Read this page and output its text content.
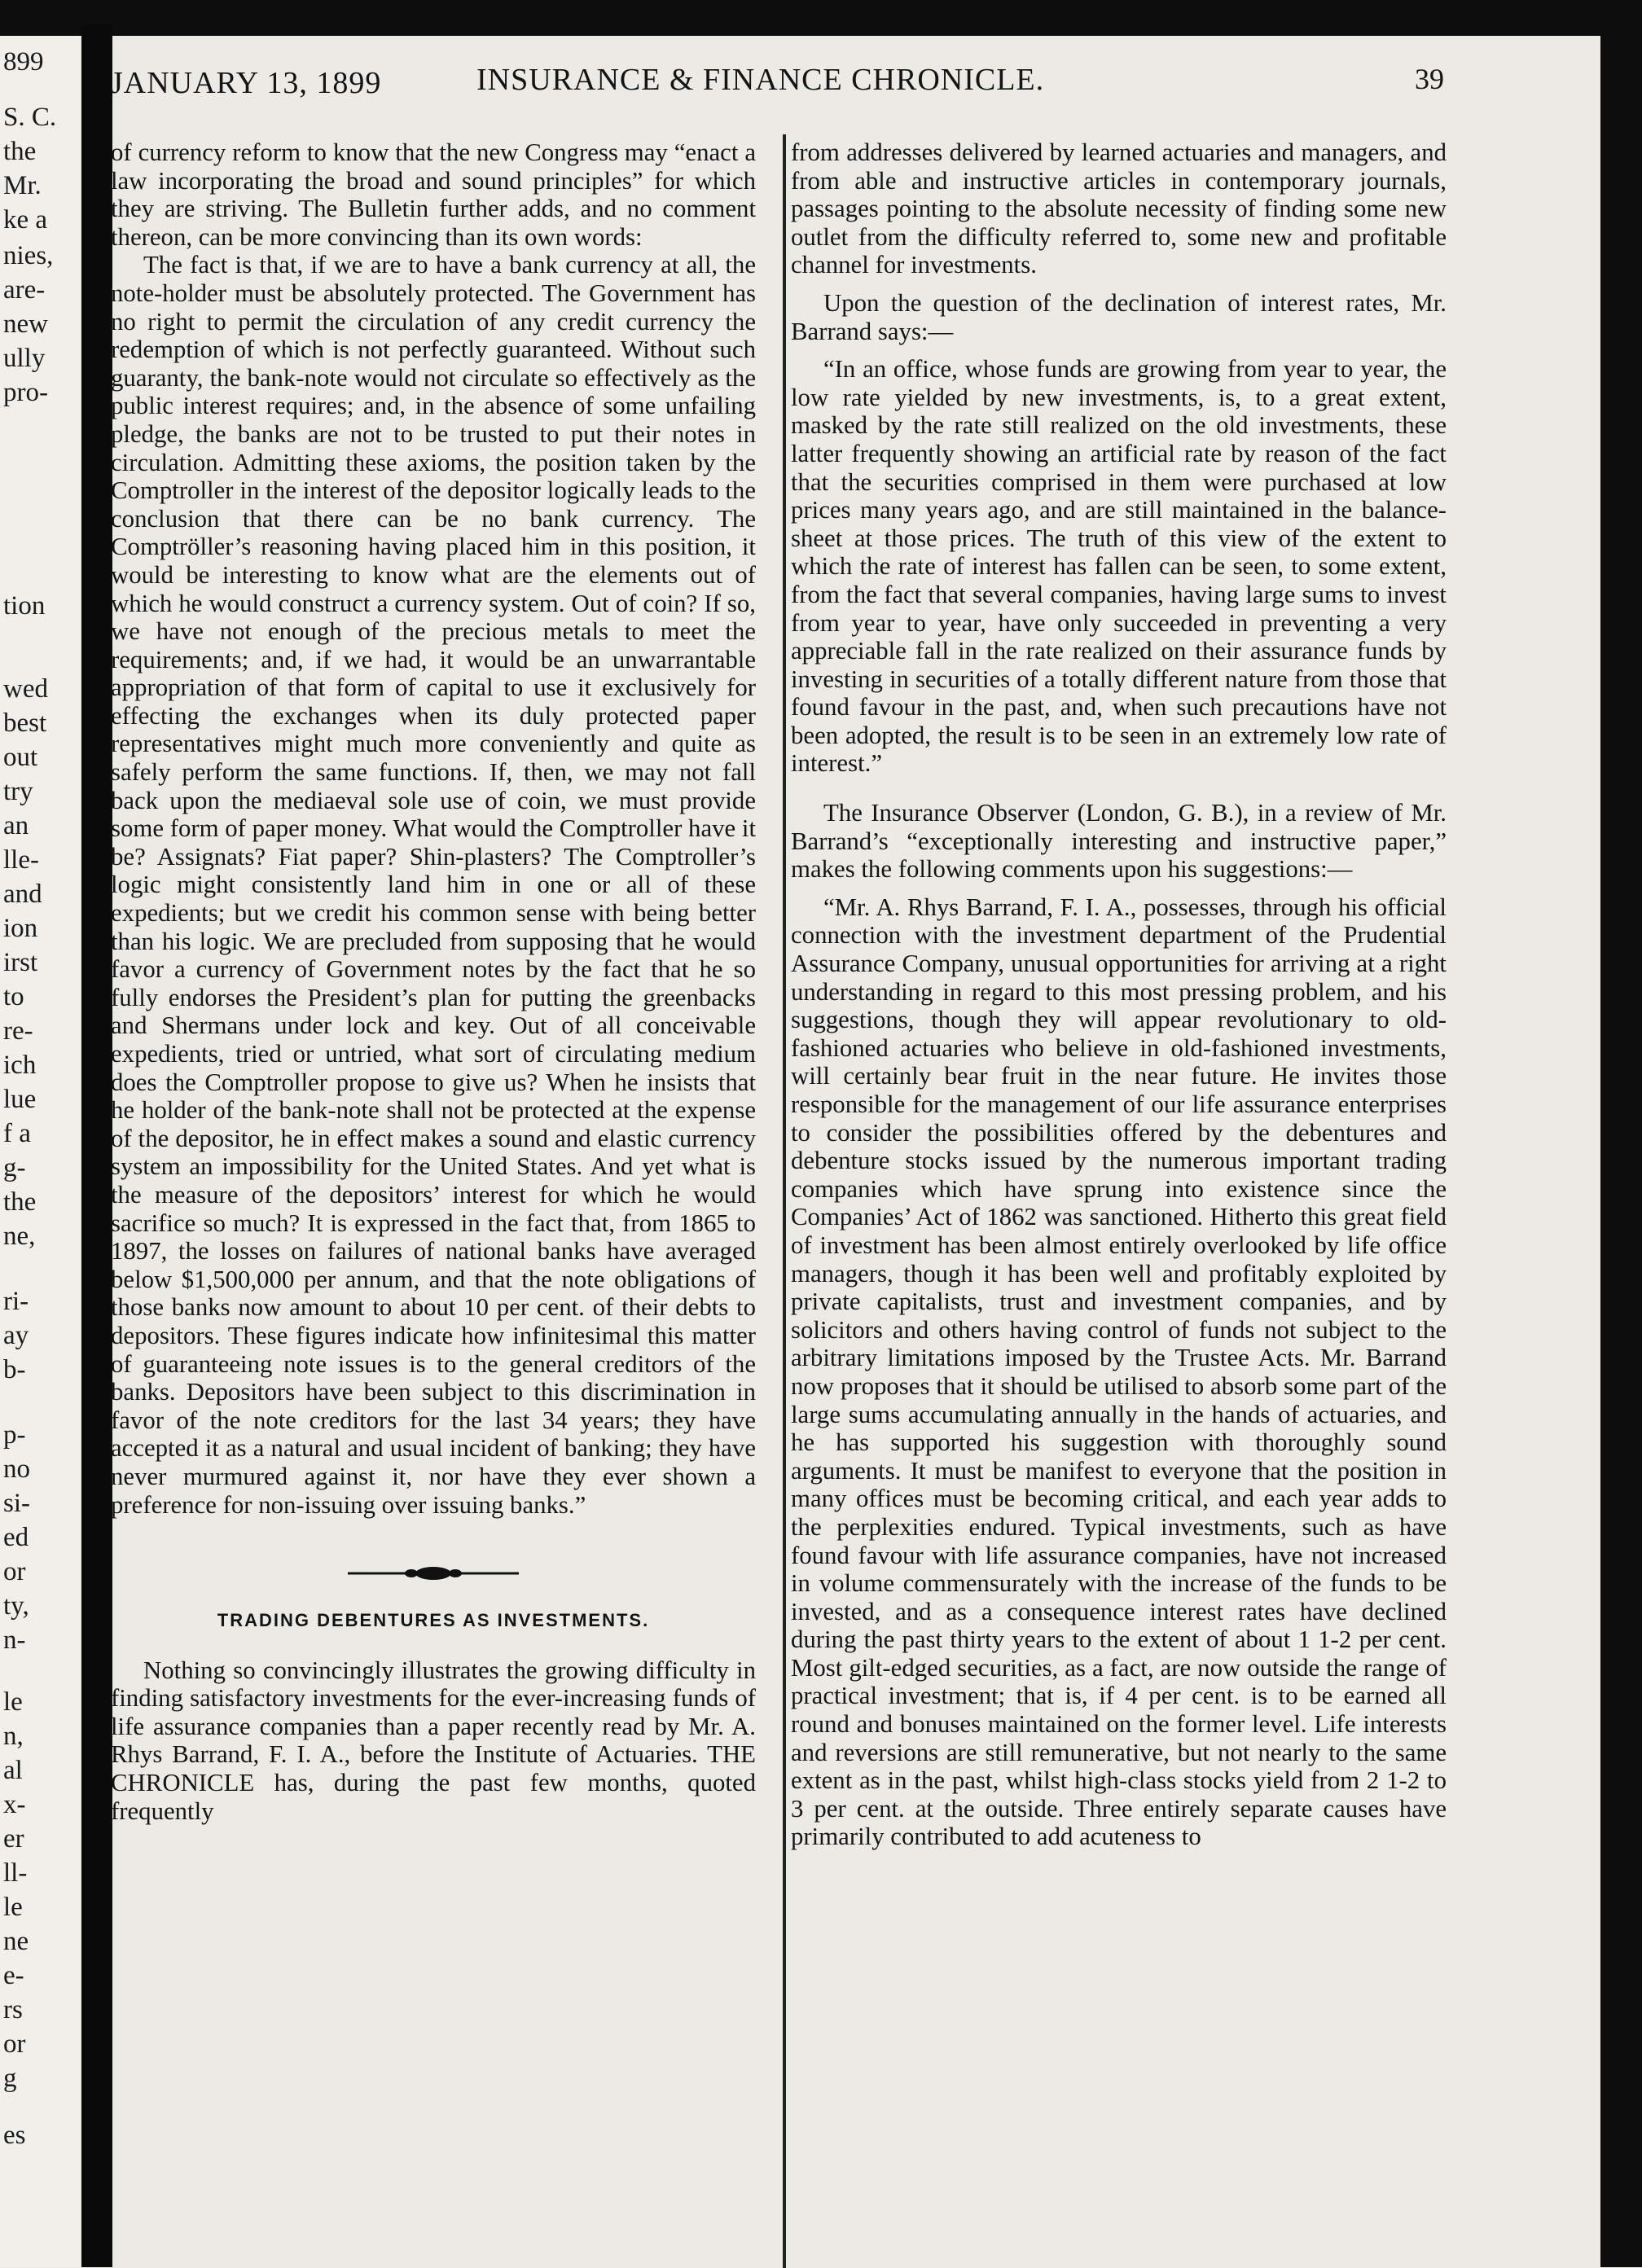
899
S. C.
the
Mr.
ke a
nies,
are-
new
ully
pro-
tion
wed
best
out
try
an
lle-
and
ion
irst
to
re-
ich
lue
f a
g-
the
ne,
ri-
ay
b-
p-
no
si-
ed
or
ty,
n-
le
n,
al
x-
er
ll-
le
ne
e-
rs
or
g
es
JANUARY 13, 1899	INSURANCE & FINANCE CHRONICLE.	39

of currency reform to know that the new Congress may “enact a law incorporating the broad and sound principles” for which they are striving. The Bulletin further adds, and no comment thereon, can be more convincing than its own words:

The fact is that, if we are to have a bank currency at all, the note-holder must be absolutely protected. The Government has no right to permit the circulation of any credit currency the redemption of which is not perfectly guaranteed. Without such guaranty, the bank-note would not circulate so effectively as the public interest requires; and, in the absence of some unfailing pledge, the banks are not to be trusted to put their notes in circulation. Admitting these axioms, the position taken by the Comptroller in the interest of the depositor logically leads to the conclusion that there can be no bank currency. The Comptröller’s reasoning having placed him in this position, it would be interesting to know what are the elements out of which he would construct a currency system. Out of coin? If so, we have not enough of the precious metals to meet the requirements; and, if we had, it would be an unwarrantable appropriation of that form of capital to use it exclusively for effecting the exchanges when its duly protected paper representatives might much more conveniently and quite as safely perform the same functions. If, then, we may not fall back upon the mediaeval sole use of coin, we must provide some form of paper money. What would the Comptroller have it be? Assignats? Fiat paper? Shin-plasters? The Comptroller’s logic might consistently land him in one or all of these expedients; but we credit his common sense with being better than his logic. We are precluded from supposing that he would favor a currency of Government notes by the fact that he so fully endorses the President’s plan for putting the greenbacks and Shermans under lock and key. Out of all conceivable expedients, tried or untried, what sort of circulating medium does the Comptroller propose to give us? When he insists that he holder of the bank-note shall not be protected at the expense of the depositor, he in effect makes a sound and elastic currency system an impossibility for the United States. And yet what is the measure of the depositors’ interest for which he would sacrifice so much? It is expressed in the fact that, from 1865 to 1897, the losses on failures of national banks have averaged below $1,500,000 per annum, and that the note obligations of those banks now amount to about 10 per cent. of their debts to depositors. These figures indicate how infinitesimal this matter of guaranteeing note issues is to the general creditors of the banks. Depositors have been subject to this discrimination in favor of the note creditors for the last 34 years; they have accepted it as a natural and usual incident of banking; they have never murmured against it, nor have they ever shown a preference for non-issuing over issuing banks.”

TRADING DEBENTURES AS INVESTMENTS.

Nothing so convincingly illustrates the growing difficulty in finding satisfactory investments for the ever-increasing funds of life assurance companies than a paper recently read by Mr. A. Rhys Barrand, F. I. A., before the Institute of Actuaries. THE CHRONICLE has, during the past few months, quoted frequently

from addresses delivered by learned actuaries and managers, and from able and instructive articles in contemporary journals, passages pointing to the absolute necessity of finding some new outlet from the difficulty referred to, some new and profitable channel for investments.

Upon the question of the declination of interest rates, Mr. Barrand says:—

“In an office, whose funds are growing from year to year, the low rate yielded by new investments, is, to a great extent, masked by the rate still realized on the old investments, these latter frequently showing an artificial rate by reason of the fact that the securities comprised in them were purchased at low prices many years ago, and are still maintained in the balance-sheet at those prices. The truth of this view of the extent to which the rate of interest has fallen can be seen, to some extent, from the fact that several companies, having large sums to invest from year to year, have only succeeded in preventing a very appreciable fall in the rate realized on their assurance funds by investing in securities of a totally different nature from those that found favour in the past, and, when such precautions have not been adopted, the result is to be seen in an extremely low rate of interest.”

The Insurance Observer (London, G. B.), in a review of Mr. Barrand’s “exceptionally interesting and instructive paper,” makes the following comments upon his suggestions:—

“Mr. A. Rhys Barrand, F. I. A., possesses, through his official connection with the investment department of the Prudential Assurance Company, unusual opportunities for arriving at a right understanding in regard to this most pressing problem, and his suggestions, though they will appear revolutionary to old-fashioned actuaries who believe in old-fashioned investments, will certainly bear fruit in the near future. He invites those responsible for the management of our life assurance enterprises to consider the possibilities offered by the debentures and debenture stocks issued by the numerous important trading companies which have sprung into existence since the Companies’ Act of 1862 was sanctioned. Hitherto this great field of investment has been almost entirely overlooked by life office managers, though it has been well and profitably exploited by private capitalists, trust and investment companies, and by solicitors and others having control of funds not subject to the arbitrary limitations imposed by the Trustee Acts. Mr. Barrand now proposes that it should be utilised to absorb some part of the large sums accumulating annually in the hands of actuaries, and he has supported his suggestion with thoroughly sound arguments. It must be manifest to everyone that the position in many offices must be becoming critical, and each year adds to the perplexities endured. Typical investments, such as have found favour with life assurance companies, have not increased in volume commensurately with the increase of the funds to be invested, and as a consequence interest rates have declined during the past thirty years to the extent of about 1 1-2 per cent. Most gilt-edged securities, as a fact, are now outside the range of practical investment; that is, if 4 per cent. is to be earned all round and bonuses maintained on the former level. Life interests and reversions are still remunerative, but not nearly to the same extent as in the past, whilst high-class stocks yield from 2 1-2 to 3 per cent. at the outside. Three entirely separate causes have primarily contributed to add acuteness to
